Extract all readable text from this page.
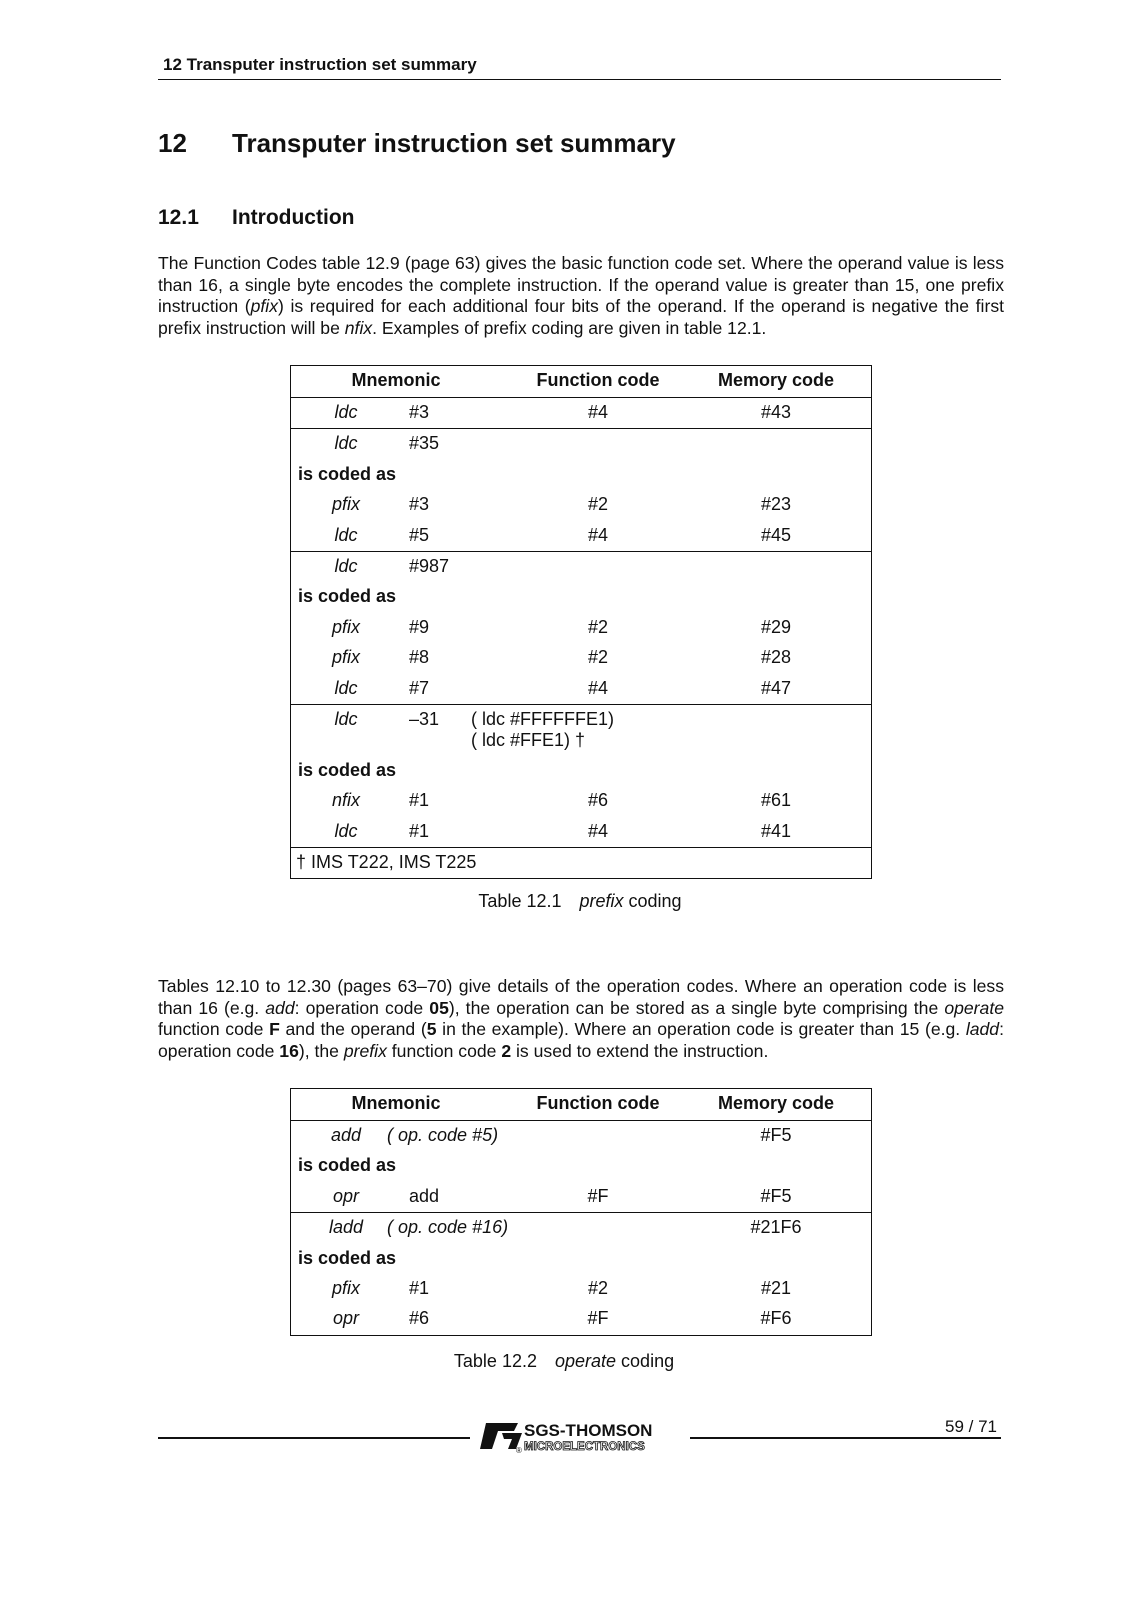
12 Transputer instruction set summary
12 Transputer instruction set summary
12.1 Introduction
The Function Codes table 12.9 (page 63) gives the basic function code set. Where the operand value is less than 16, a single byte encodes the complete instruction. If the operand value is greater than 15, one prefix instruction (pfix) is required for each additional four bits of the operand. If the operand is negative the first prefix instruction will be nfix. Examples of prefix coding are given in table 12.1.
Mnemonic	Function code	Memory code
ldc	#3	#4	#43
ldc	#35
is coded as
pfix	#3	#2	#23
ldc	#5	#4	#45
ldc	#987
is coded as
pfix	#9	#2	#29
pfix	#8	#2	#28
ldc	#7	#4	#47
ldc	–31 ( ldc #FFFFFFE1)
( ldc #FFE1) †
is coded as
nfix	#1	#6	#61
ldc	#1	#4	#41
† IMS T222, IMS T225
Table 12.1 prefix coding
Tables 12.10 to 12.30 (pages 63–70) give details of the operation codes. Where an operation code is less than 16 (e.g. add: operation code 05), the operation can be stored as a single byte comprising the operate function code F and the operand (5 in the example). Where an operation code is greater than 15 (e.g. ladd: operation code 16), the prefix function code 2 is used to extend the instruction.
Mnemonic	Function code	Memory code
add	( op. code #5)	#F5
is coded as
opr	add	#F	#F5
ladd	( op. code #16)	#21F6
is coded as
pfix	#1	#2	#21
opr	#6	#F	#F6
Table 12.2 operate coding
SGS-THOMSON
MICROELECTRONICS
®
59 / 71
